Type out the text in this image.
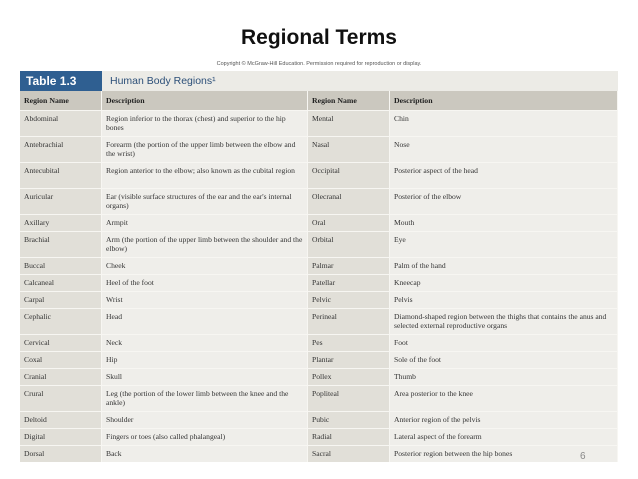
Regional Terms
Copyright © McGraw-Hill Education. Permission required for reproduction or display.
Table 1.3	Human Body Regions¹
Region Name	Description	Region Name	Description
Abdominal	Region inferior to the thorax (chest) and superior to the hip bones	Mental	Chin
Antebrachial	Forearm (the portion of the upper limb between the elbow and the wrist)	Nasal	Nose
Antecubital	Region anterior to the elbow; also known as the cubital region	Occipital	Posterior aspect of the head
Auricular	Ear (visible surface structures of the ear and the ear's internal organs)	Olecranal	Posterior of the elbow
Axillary	Armpit	Oral	Mouth
Brachial	Arm (the portion of the upper limb between the shoulder and the elbow)	Orbital	Eye
Buccal	Cheek	Palmar	Palm of the hand
Calcaneal	Heel of the foot	Patellar	Kneecap
Carpal	Wrist	Pelvic	Pelvis
Cephalic	Head	Perineal	Diamond-shaped region between the thighs that contains the anus and selected external reproductive organs
Cervical	Neck	Pes	Foot
Coxal	Hip	Plantar	Sole of the foot
Cranial	Skull	Pollex	Thumb
Crural	Leg (the portion of the lower limb between the knee and the ankle)	Popliteal	Area posterior to the knee
Deltoid	Shoulder	Pubic	Anterior region of the pelvis
Digital	Fingers or toes (also called phalangeal)	Radial	Lateral aspect of the forearm
Dorsal	Back	Sacral	Posterior region between the hip bones	6
